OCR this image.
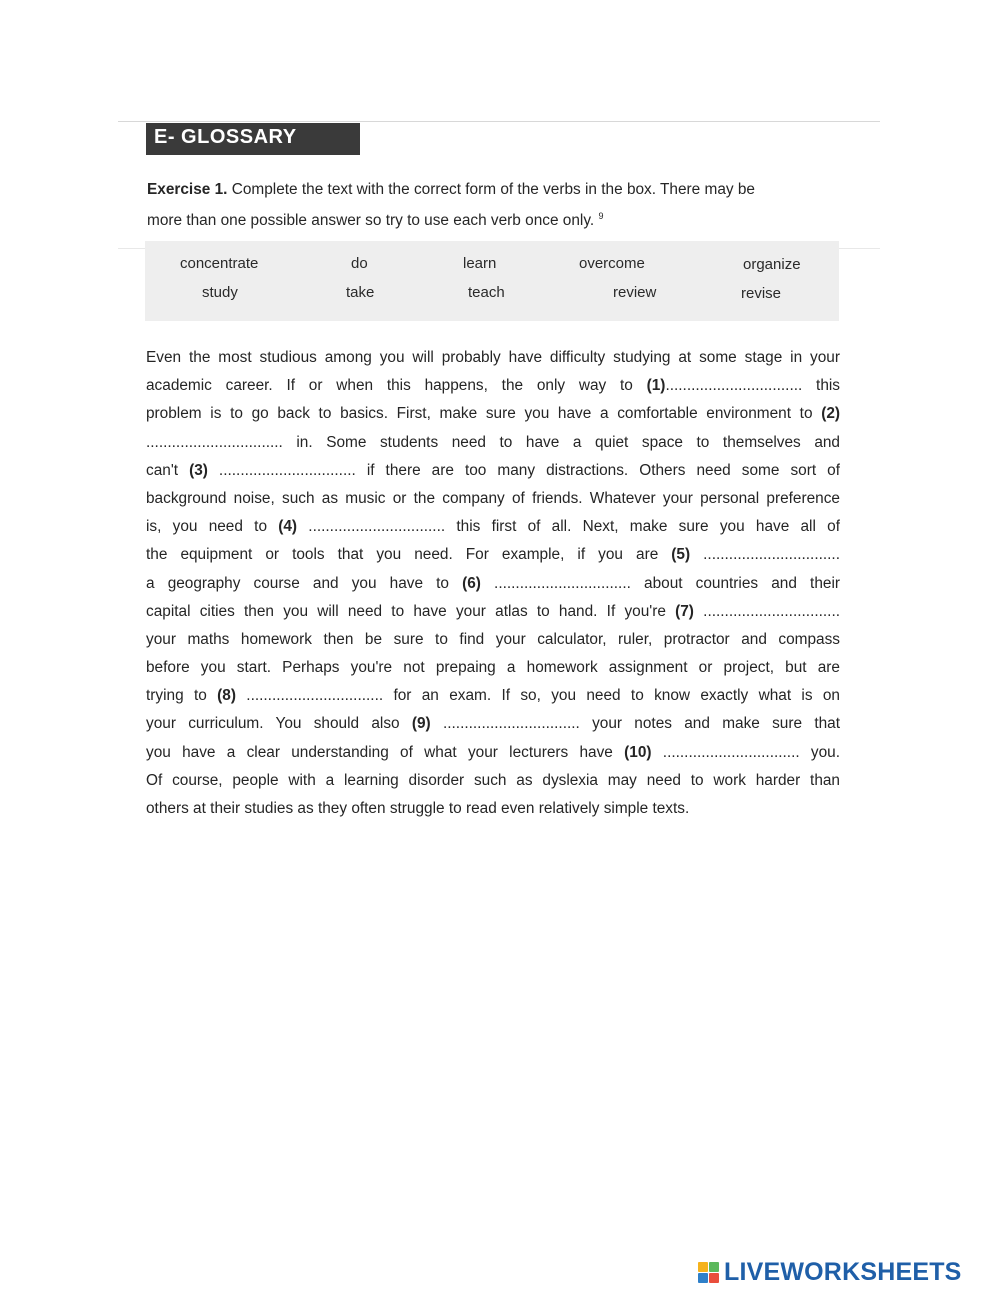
E- GLOSSARY
Exercise 1. Complete the text with the correct form of the verbs in the box. There may be
more than one possible answer so try to use each verb once only. $^9$
concentrate	do	learn	overcome	organize
study	take	teach	review	revise
Even the most studious among you will probably have difficulty studying at some stage in your
academic career. If or when this happens, the only way to (1)................................ this
problem is to go back to basics. First, make sure you have a comfortable environment to (2)
................................ in. Some students need to have a quiet space to themselves and
can't (3) ................................ if there are too many distractions. Others need some sort of
background noise, such as music or the company of friends. Whatever your personal preference
is, you need to (4) ................................ this first of all. Next, make sure you have all of
the equipment or tools that you need. For example, if you are (5) ................................
a geography course and you have to (6) ................................ about countries and their
capital cities then you will need to have your atlas to hand. If you're (7) ................................
your maths homework then be sure to find your calculator, ruler, protractor and compass
before you start. Perhaps you're not prepaing a homework assignment or project, but are
trying to (8) ................................ for an exam. If so, you need to know exactly what is on
your curriculum. You should also (9) ................................ your notes and make sure that
you have a clear understanding of what your lecturers have (10) ................................ you.
Of course, people with a learning disorder such as dyslexia may need to work harder than
others at their studies as they often struggle to read even relatively simple texts.
LIVEWORKSHEETS
